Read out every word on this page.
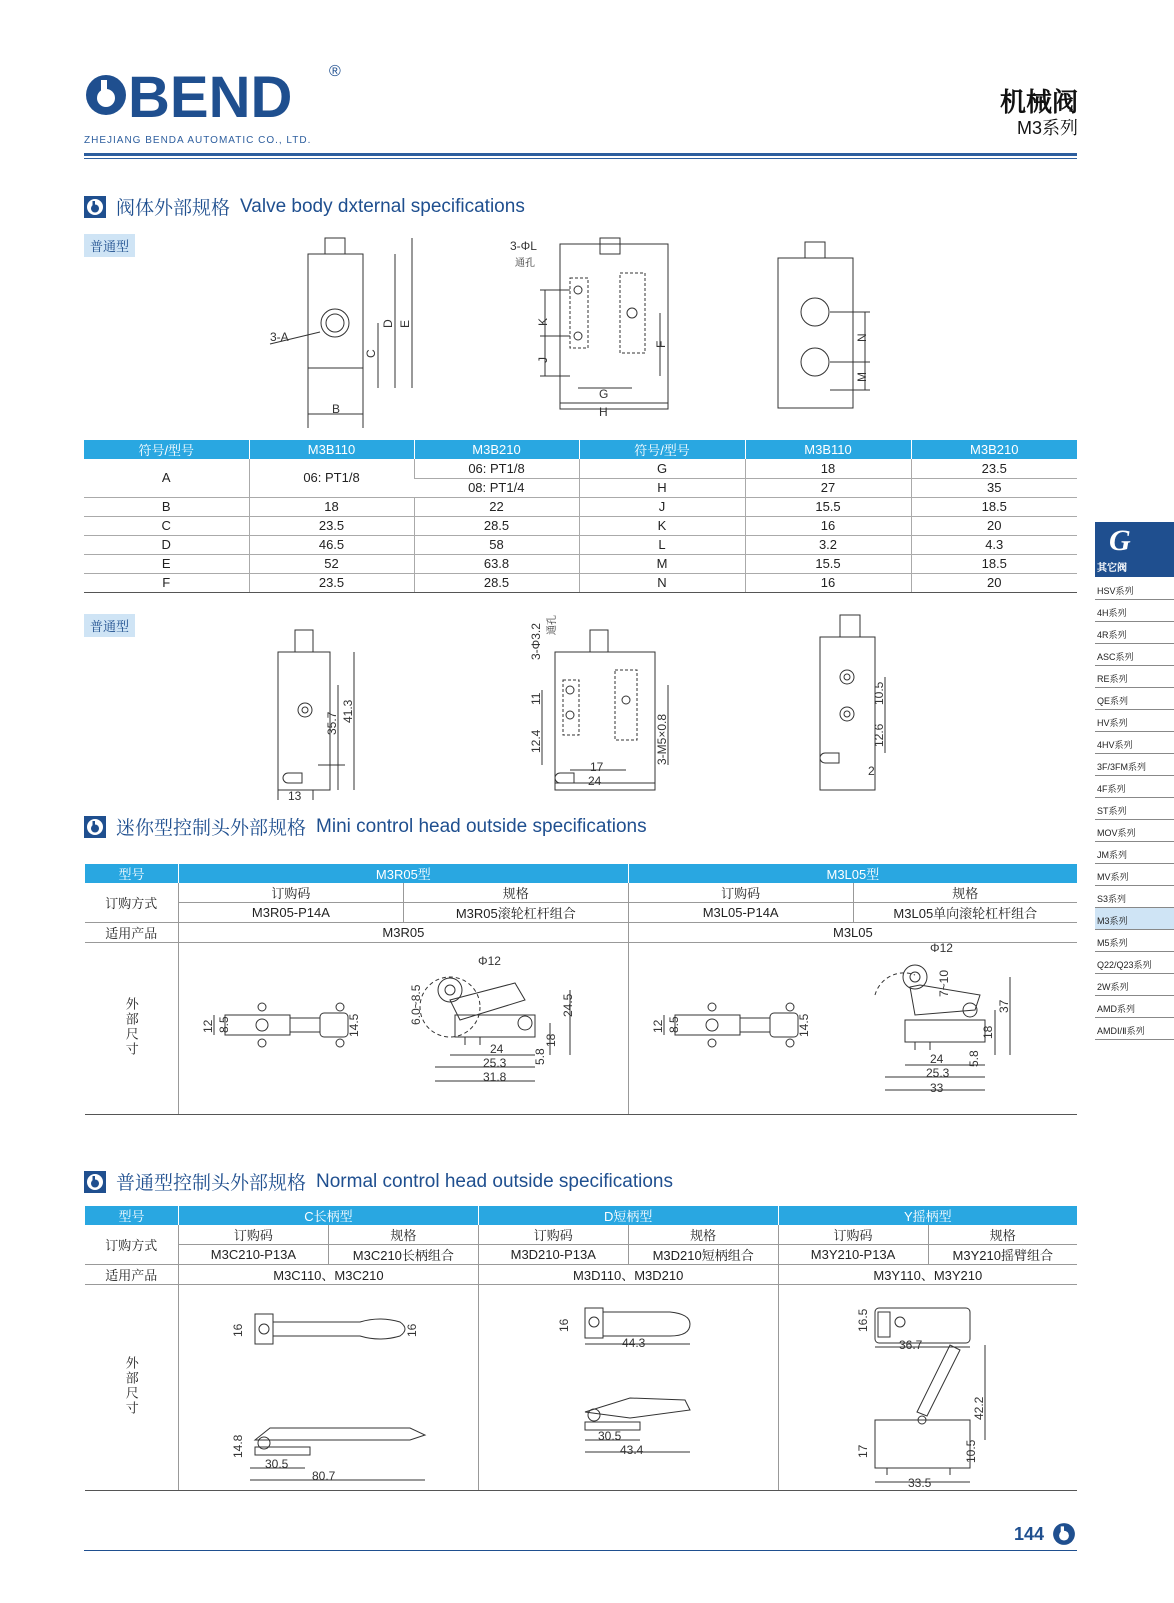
BEND ®
ZHEJIANG BENDA AUTOMATIC CO., LTD.
机械阀
M3系列
阀体外部规格 Valve body dxternal specifications
普通型
3-A
B
C
D E	K
J
F
3-ΦL
通孔
G
H
N
M
符号/型号	M3B110	M3B210	符号/型号	M3B110	M3B210
A	06: PT1/8	06: PT1/8	G	18	23.5
		08: PT1/4	H	27	35
B	18	22	J	15.5	18.5
C	23.5	28.5	K	16	20
D	46.5	58	L	3.2	4.3
E	52	63.8	M	15.5	18.5
F	23.5	28.5	N	16	20
普通型
35.7
41.3
13
3-Φ3.2 通孔
11
12.4	3-M5×0.8
17
24
10.5
12.6
2
迷你型控制头外部规格 Mini control head outside specifications
型号	M3R05型		M3L05型	
订购方式	订购码	规格	订购码	规格
	M3R05-P14A	M3R05滚轮杠杆组合	M3L05-P14A	M3L05单向滚轮杠杆组合
适用产品	M3R05		M3L05	
外部尺寸					12 8.5	14.5
Φ12
6.0~8.5	24.5
18
5.8
24
25.3
31.8
12 8.5	14.5
Φ12
7~10
37
18
5.8
24
25.3
33
普通型控制头外部规格 Normal control head outside specifications
型号	C长柄型		D短柄型		Y摇柄型	
订购方式	订购码	规格	订购码	规格	订购码	规格
	M3C210-P13A	M3C210长柄组合	M3D210-P13A	M3D210短柄组合	M3Y210-P13A	M3Y210摇臂组合
适用产品	M3C110、M3C210		M3D110、M3D210		M3Y110、M3Y210	
外部尺寸						
16	16
14.8
30.5
80.7
16
44.3
30.5
43.4
16.5
36.7
17
42.2
10.5
33.5
G
其它阀
HSV系列
4H系列
4R系列
ASC系列
RE系列
QE系列
HV系列
4HV系列
3F/3FM系列
4F系列
ST系列
MOV系列
JM系列
MV系列
S3系列
M3系列
M5系列
Q22/Q23系列
2W系列
AMD系列
AMDⅠ/Ⅱ系列
144
